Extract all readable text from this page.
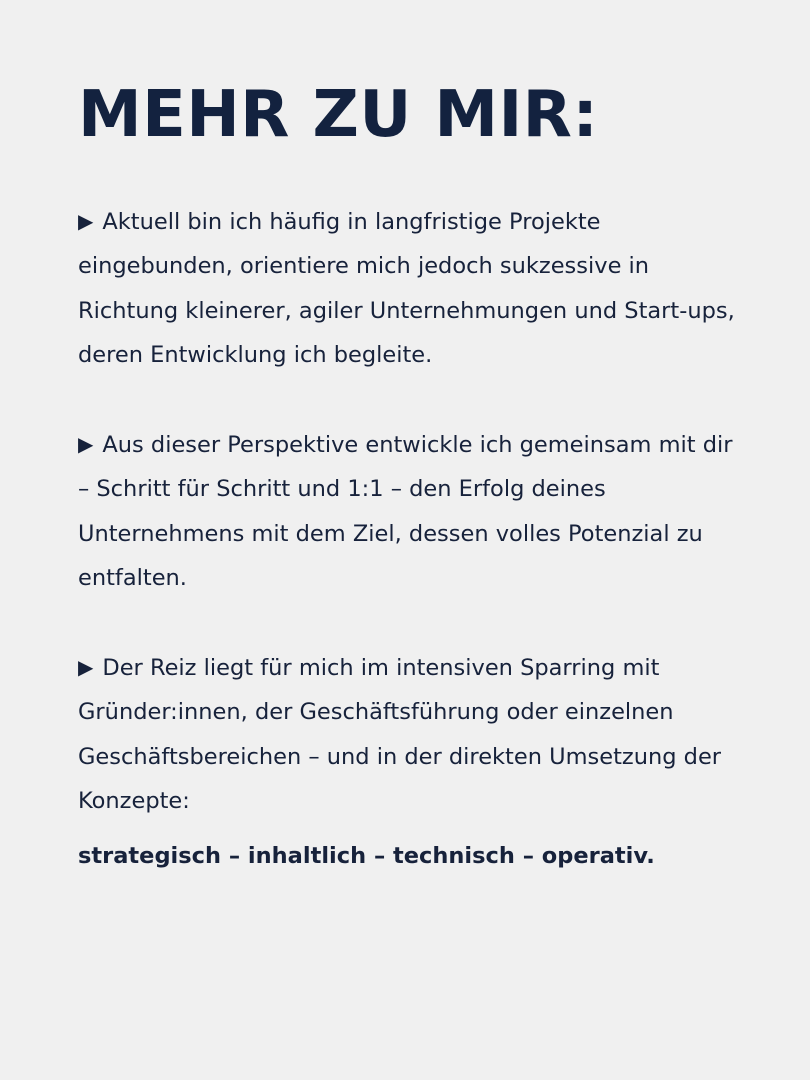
MEHR ZU MIR:

▶ Aktuell bin ich häufig in langfristige Projekte eingebunden, orientiere mich jedoch sukzessive in Richtung kleinerer, agiler Unternehmungen und Start-ups, deren Entwicklung ich begleite.

▶ Aus dieser Perspektive entwickle ich gemeinsam mit dir – Schritt für Schritt und 1:1 – den Erfolg deines Unternehmens mit dem Ziel, dessen volles Potenzial zu entfalten.

▶ Der Reiz liegt für mich im intensiven Sparring mit Gründer:innen, der Geschäftsführung oder einzelnen Geschäftsbereichen – und in der direkten Umsetzung der Konzepte:

strategisch – inhaltlich – technisch – operativ.
